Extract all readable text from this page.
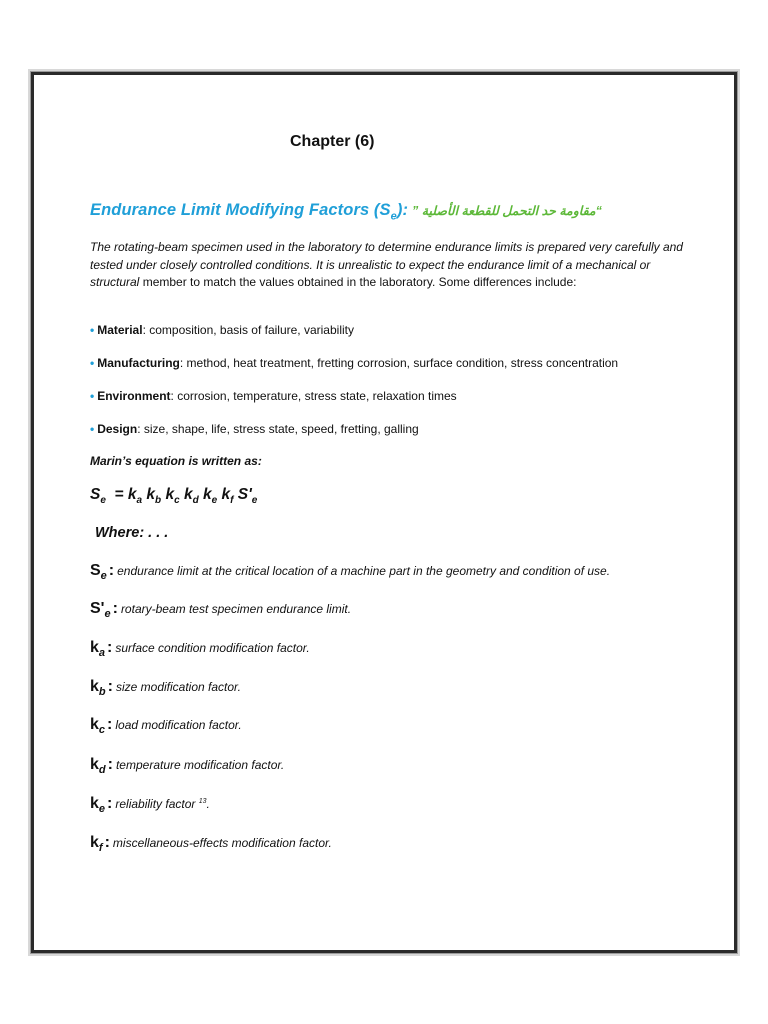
Chapter (6)
Endurance Limit Modifying Factors $(S_e)$: “مقاومة حد التحمل للقطعة الأصلية ”
The rotating-beam specimen used in the laboratory to determine endurance limits is prepared very carefully and tested under closely controlled conditions. It is unrealistic to expect the endurance limit of a mechanical or structural member to match the values obtained in the laboratory. Some differences include:
• Material: composition, basis of failure, variability
• Manufacturing: method, heat treatment, fretting corrosion, surface condition, stress concentration
• Environment: corrosion, temperature, stress state, relaxation times
• Design: size, shape, life, stress state, speed, fretting, galling
Marin’s equation is written as:
$S_e = k_a$ $k_b$ $k_c$ $k_d$ $k_e$ $k_f$ $S'_e$
Where: . . .
$S_e$ : endurance limit at the critical location of a machine part in the geometry and condition of use.
$S'_e$ : rotary-beam test specimen endurance limit.
$k_a$ : surface condition modification factor.
$k_b$ : size modification factor.
$k_c$ : load modification factor.
$k_d$ : temperature modification factor.
$k_e$ : reliability factor $^{13}$.
$k_f$ : miscellaneous-effects modification factor.
